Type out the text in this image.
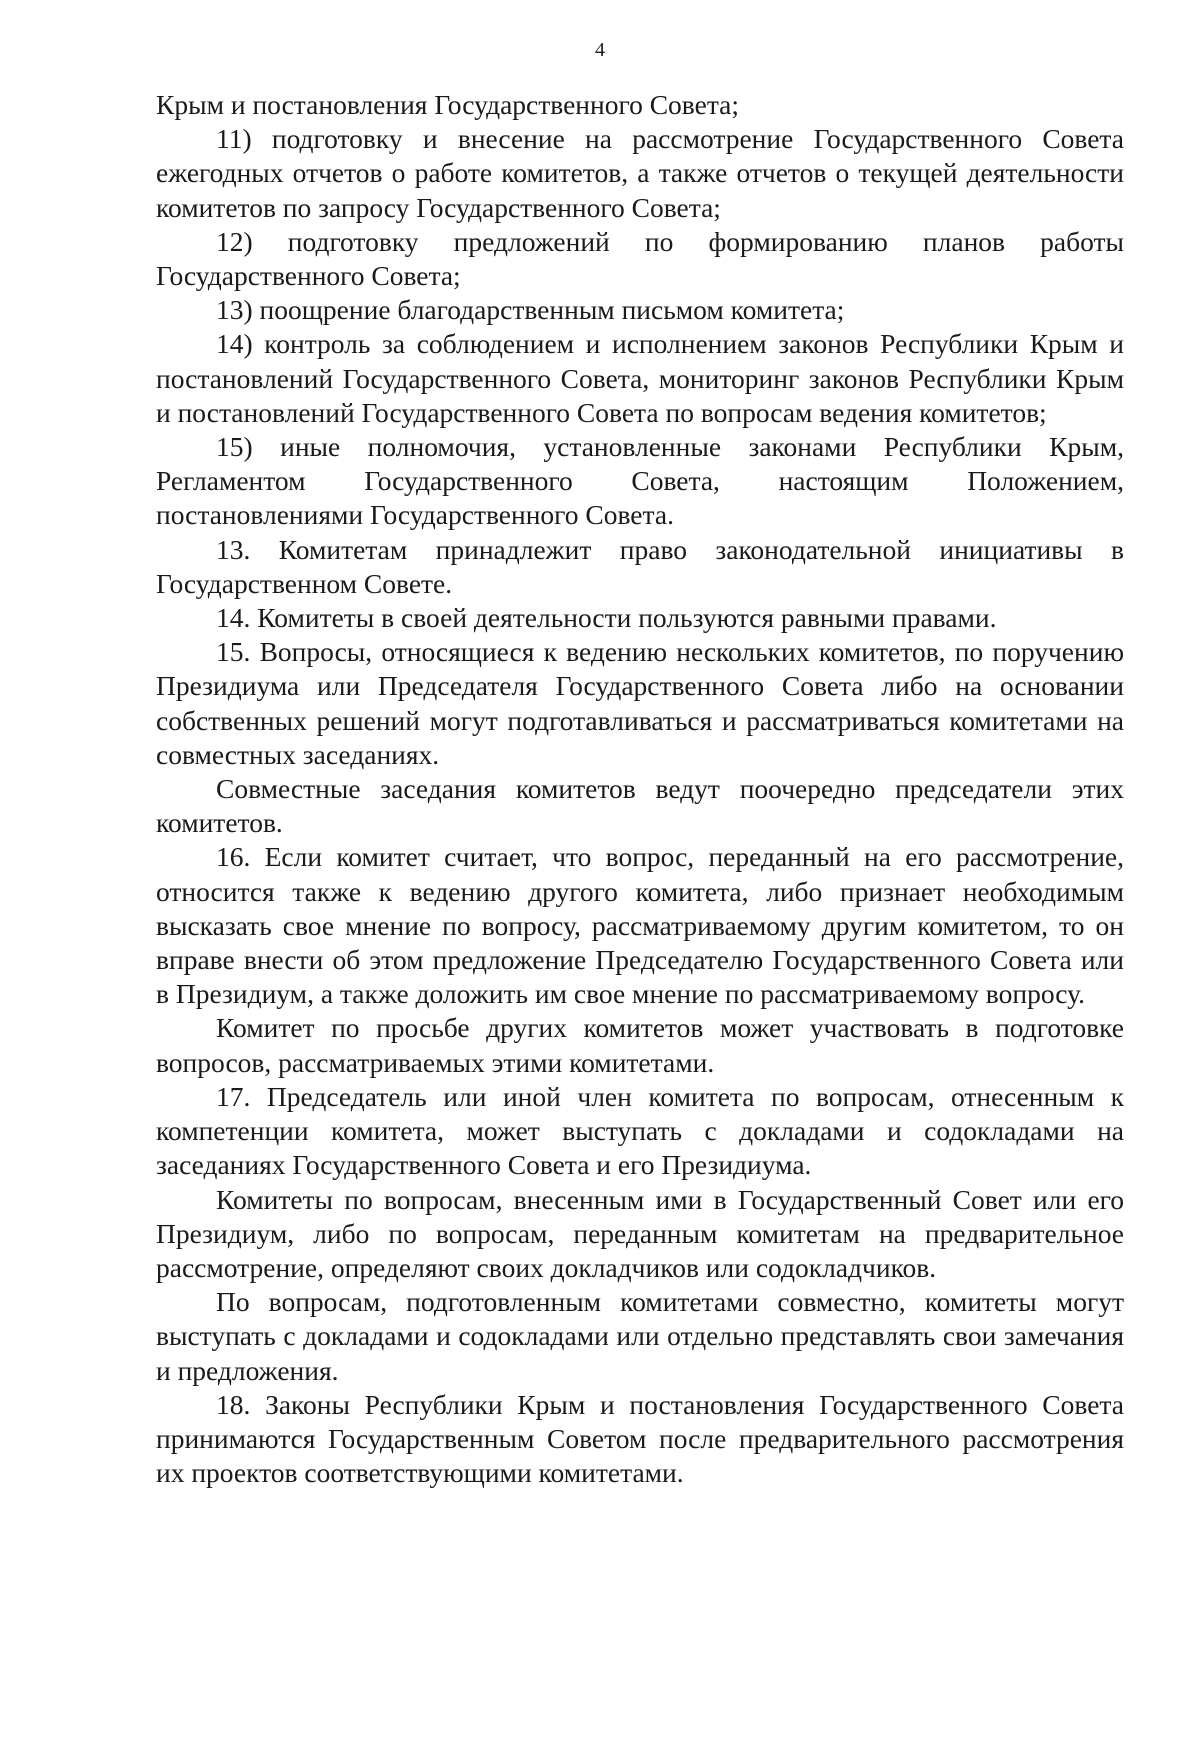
4

Крым и постановления Государственного Совета;

11) подготовку и внесение на рассмотрение Государственного Совета ежегодных отчетов о работе комитетов, а также отчетов о текущей деятельности комитетов по запросу Государственного Совета;

12) подготовку предложений по формированию планов работы Государственного Совета;

13) поощрение благодарственным письмом комитета;

14) контроль за соблюдением и исполнением законов Республики Крым и постановлений Государственного Совета, мониторинг законов Республики Крым и постановлений Государственного Совета по вопросам ведения комитетов;

15) иные полномочия, установленные законами Республики Крым, Регламентом Государственного Совета, настоящим Положением, постановлениями Государственного Совета.

13. Комитетам принадлежит право законодательной инициативы в Государственном Совете.

14. Комитеты в своей деятельности пользуются равными правами.

15. Вопросы, относящиеся к ведению нескольких комитетов, по поручению Президиума или Председателя Государственного Совета либо на основании собственных решений могут подготавливаться и рассматриваться комитетами на совместных заседаниях.

Совместные заседания комитетов ведут поочередно председатели этих комитетов.

16. Если комитет считает, что вопрос, переданный на его рассмотрение, относится также к ведению другого комитета, либо признает необходимым высказать свое мнение по вопросу, рассматриваемому другим комитетом, то он вправе внести об этом предложение Председателю Государственного Совета или в Президиум, а также доложить им свое мнение по рассматриваемому вопросу.

Комитет по просьбе других комитетов может участвовать в подготовке вопросов, рассматриваемых этими комитетами.

17. Председатель или иной член комитета по вопросам, отнесенным к компетенции комитета, может выступать с докладами и содокладами на заседаниях Государственного Совета и его Президиума.

Комитеты по вопросам, внесенным ими в Государственный Совет или его Президиум, либо по вопросам, переданным комитетам на предварительное рассмотрение, определяют своих докладчиков или содокладчиков.

По вопросам, подготовленным комитетами совместно, комитеты могут выступать с докладами и содокладами или отдельно представлять свои замечания и предложения.

18. Законы Республики Крым и постановления Государственного Совета принимаются Государственным Советом после предварительного рассмотрения их проектов соответствующими комитетами.
